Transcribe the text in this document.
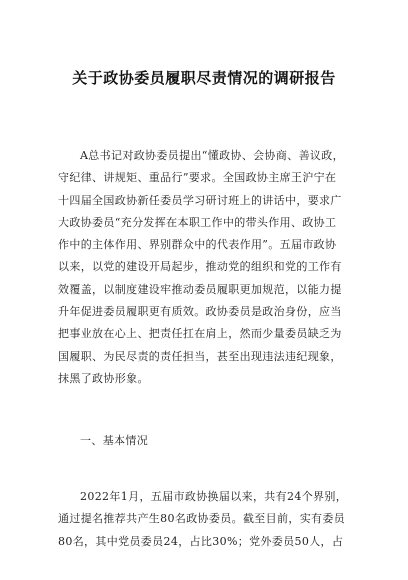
关于政协委员履职尽责情况的调研报告
A总书记对政协委员提出“懂政协、会协商、善议政，
守纪律、讲规矩、重品行”要求。全国政协主席王沪宁在
十四届全国政协新任委员学习研讨班上的讲话中，要求广
大政协委员“充分发挥在本职工作中的带头作用、政协工
作中的主体作用、界别群众中的代表作用”。五届市政协
以来，以党的建设开局起步，推动党的组织和党的工作有
效覆盖，以制度建设牢推动委员履职更加规范，以能力提
升年促进委员履职更有质效。政协委员是政治身份，应当
把事业放在心上、把责任扛在肩上，然而少量委员缺乏为
国履职、为民尽责的责任担当，甚至出现违法违纪现象，
抹黑了政协形象。
一、基本情况
2022年1月，五届市政协换届以来，共有24个界别，
通过提名推荐共产生80名政协委员。截至目前，实有委员
80名，其中党员委员24，占比30%；党外委员50人，占
